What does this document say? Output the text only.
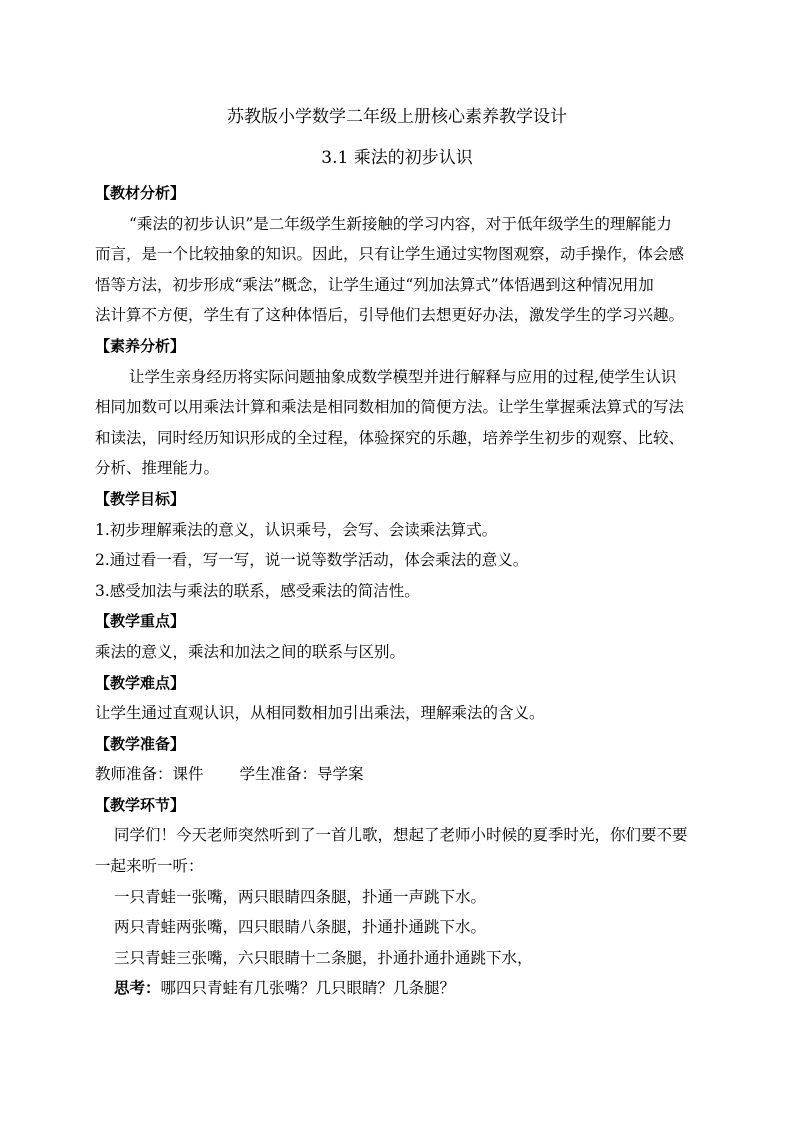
苏教版小学数学二年级上册核心素养教学设计
3.1 乘法的初步认识
【教材分析】
“乘法的初步认识”是二年级学生新接触的学习内容，对于低年级学生的理解能力
而言，是一个比较抽象的知识。因此，只有让学生通过实物图观察，动手操作，体会感
悟等方法，初步形成“乘法”概念，让学生通过“列加法算式”体悟遇到这种情况用加
法计算不方便，学生有了这种体悟后，引导他们去想更好办法，激发学生的学习兴趣。
【素养分析】
让学生亲身经历将实际问题抽象成数学模型并进行解释与应用的过程,使学生认识
相同加数可以用乘法计算和乘法是相同数相加的简便方法。让学生掌握乘法算式的写法
和读法，同时经历知识形成的全过程，体验探究的乐趣，培养学生初步的观察、比较、
分析、推理能力。
【教学目标】
1.初步理解乘法的意义，认识乘号，会写、会读乘法算式。
2.通过看一看，写一写，说一说等数学活动，体会乘法的意义。
3.感受加法与乘法的联系，感受乘法的简洁性。
【教学重点】
乘法的意义，乘法和加法之间的联系与区别。
【教学难点】
让学生通过直观认识，从相同数相加引出乘法，理解乘法的含义。
【教学准备】
教师准备：课件 学生准备：导学案
【教学环节】
同学们！今天老师突然听到了一首儿歌，想起了老师小时候的夏季时光，你们要不要
一起来听一听：
一只青蛙一张嘴，两只眼睛四条腿，扑通一声跳下水。
两只青蛙两张嘴，四只眼睛八条腿，扑通扑通跳下水。
三只青蛙三张嘴，六只眼睛十二条腿，扑通扑通扑通跳下水，
思考：哪四只青蛙有几张嘴？几只眼睛？几条腿？
